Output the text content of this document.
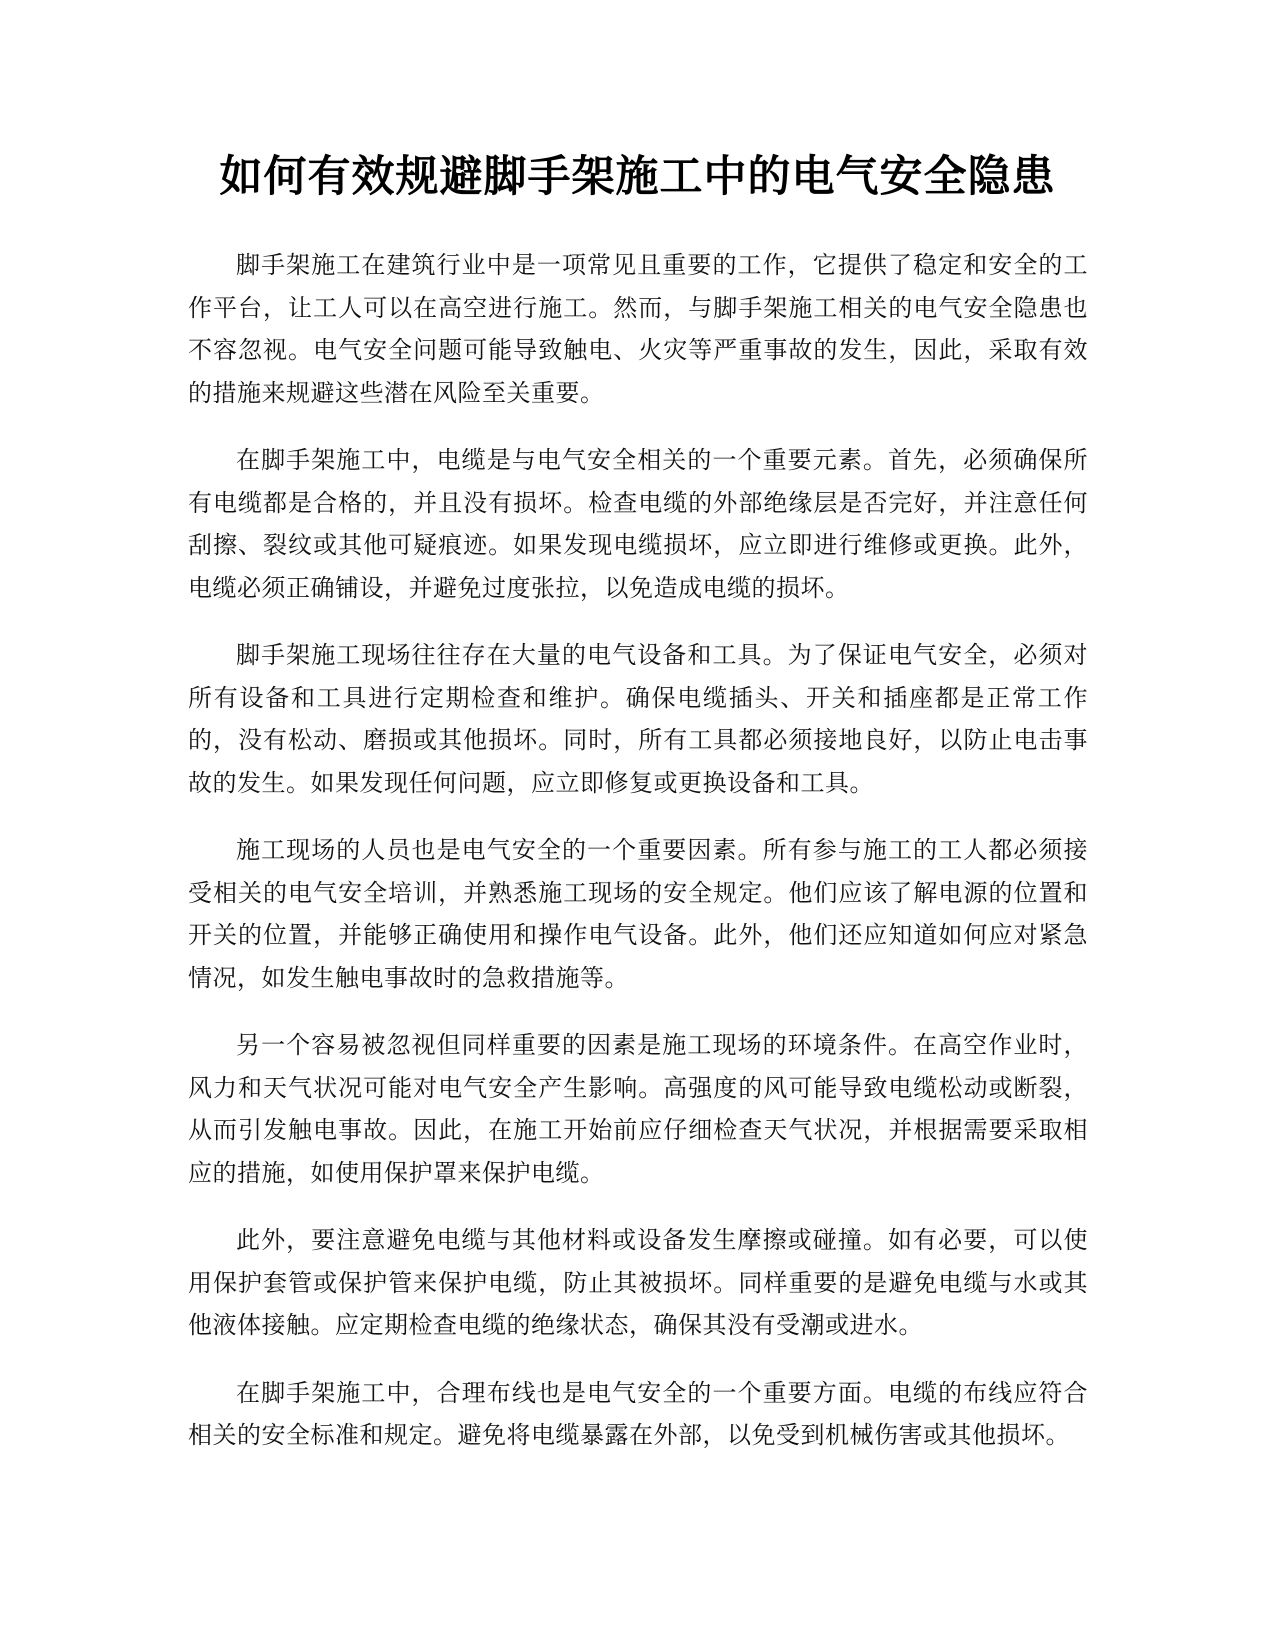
如何有效规避脚手架施工中的电气安全隐患

脚手架施工在建筑行业中是一项常见且重要的工作，它提供了稳定和安全的工作平台，让工人可以在高空进行施工。然而，与脚手架施工相关的电气安全隐患也不容忽视。电气安全问题可能导致触电、火灾等严重事故的发生，因此，采取有效的措施来规避这些潜在风险至关重要。

在脚手架施工中，电缆是与电气安全相关的一个重要元素。首先，必须确保所有电缆都是合格的，并且没有损坏。检查电缆的外部绝缘层是否完好，并注意任何刮擦、裂纹或其他可疑痕迹。如果发现电缆损坏，应立即进行维修或更换。此外，电缆必须正确铺设，并避免过度张拉，以免造成电缆的损坏。

脚手架施工现场往往存在大量的电气设备和工具。为了保证电气安全，必须对所有设备和工具进行定期检查和维护。确保电缆插头、开关和插座都是正常工作的，没有松动、磨损或其他损坏。同时，所有工具都必须接地良好，以防止电击事故的发生。如果发现任何问题，应立即修复或更换设备和工具。

施工现场的人员也是电气安全的一个重要因素。所有参与施工的工人都必须接受相关的电气安全培训，并熟悉施工现场的安全规定。他们应该了解电源的位置和开关的位置，并能够正确使用和操作电气设备。此外，他们还应知道如何应对紧急情况，如发生触电事故时的急救措施等。

另一个容易被忽视但同样重要的因素是施工现场的环境条件。在高空作业时，风力和天气状况可能对电气安全产生影响。高强度的风可能导致电缆松动或断裂，从而引发触电事故。因此，在施工开始前应仔细检查天气状况，并根据需要采取相应的措施，如使用保护罩来保护电缆。

此外，要注意避免电缆与其他材料或设备发生摩擦或碰撞。如有必要，可以使用保护套管或保护管来保护电缆，防止其被损坏。同样重要的是避免电缆与水或其他液体接触。应定期检查电缆的绝缘状态，确保其没有受潮或进水。

在脚手架施工中，合理布线也是电气安全的一个重要方面。电缆的布线应符合相关的安全标准和规定。避免将电缆暴露在外部，以免受到机械伤害或其他损坏。
